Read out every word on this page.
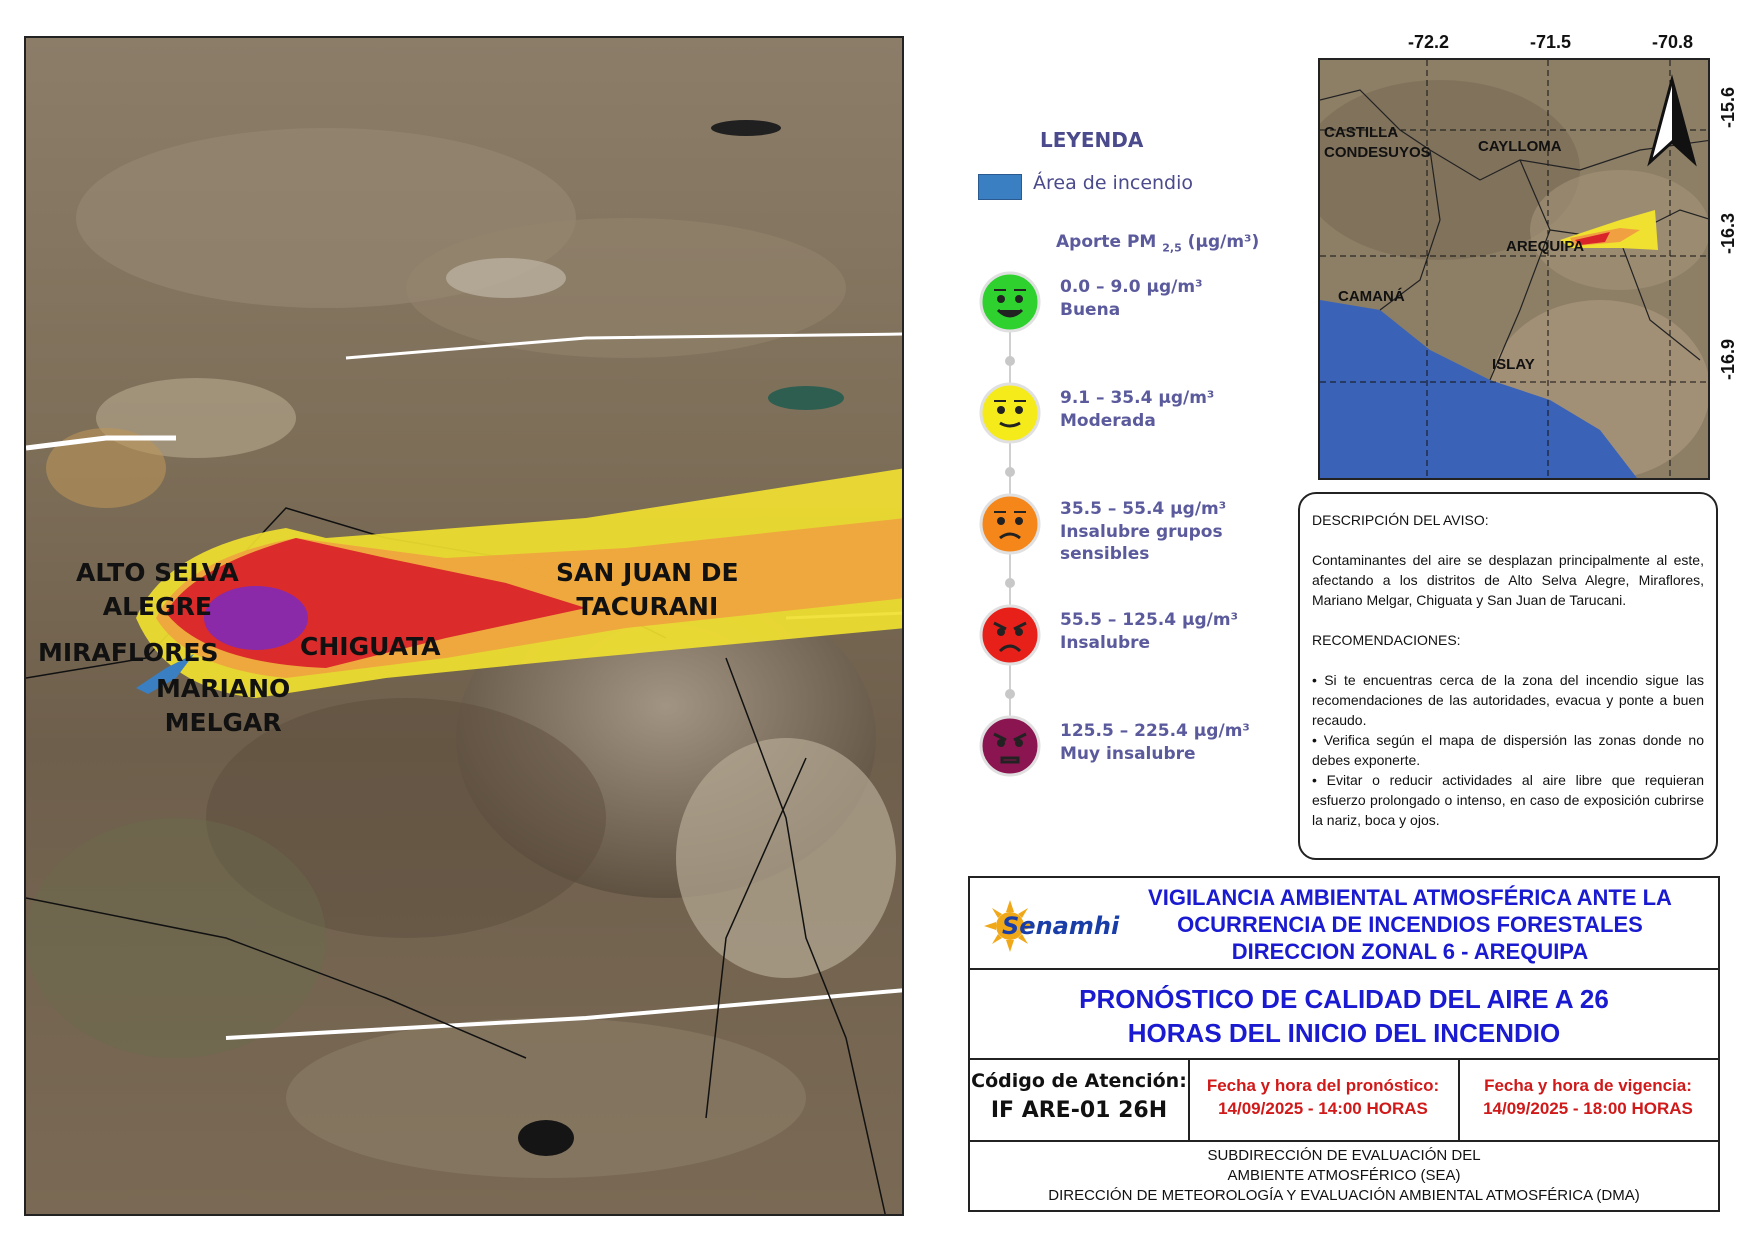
ALTO SELVA
ALEGRE
MIRAFLORES
MARIANO
MELGAR
CHIGUATA
SAN JUAN DE
TACURANI
LEYENDA
Área de incendio
Aporte PM $_{2,5}$ (µg/m³)
0.0 – 9.0 µg/m³
Buena
9.1 – 35.4 µg/m³
Moderada
35.5 – 55.4 µg/m³
Insalubre grupos sensibles
55.5 – 125.4 µg/m³
Insalubre
125.5 – 225.4 µg/m³
Muy insalubre
-72.2	-71.5	-70.8
-15.6
-16.3
-16.9
CASTILLA
CONDESUYOS	CAYLLOMA
AREQUIPA
CAMANÁ
ISLAY

DESCRIPCIÓN DEL AVISO:

Contaminantes del aire se desplazan principalmente al este, afectando a los distritos de Alto Selva Alegre, Miraflores, Mariano Melgar, Chiguata y San Juan de Tarucani.

RECOMENDACIONES:

• Si te encuentras cerca de la zona del incendio sigue las recomendaciones de las autoridades, evacua y ponte a buen recaudo.

• Verifica según el mapa de dispersión las zonas donde no debes exponerte.

• Evitar o reducir actividades al aire libre que requieran esfuerzo prolongado o intenso, en caso de exposición cubrirse la nariz, boca y ojos.

Senamhi
VIGILANCIA AMBIENTAL ATMOSFÉRICA ANTE LA
OCURRENCIA DE INCENDIOS FORESTALES
DIRECCION ZONAL 6 - AREQUIPA
PRONÓSTICO DE CALIDAD DEL AIRE A 26
HORAS DEL INICIO DEL INCENDIO
Código de Atención:
IF ARE-01 26H
Fecha y hora del pronóstico:
14/09/2025 - 14:00 HORAS
Fecha y hora de vigencia:
14/09/2025 - 18:00 HORAS
SUBDIRECCIÓN DE EVALUACIÓN DEL
AMBIENTE ATMOSFÉRICO (SEA)
DIRECCIÓN DE METEOROLOGÍA Y EVALUACIÓN AMBIENTAL ATMOSFÉRICA (DMA)
